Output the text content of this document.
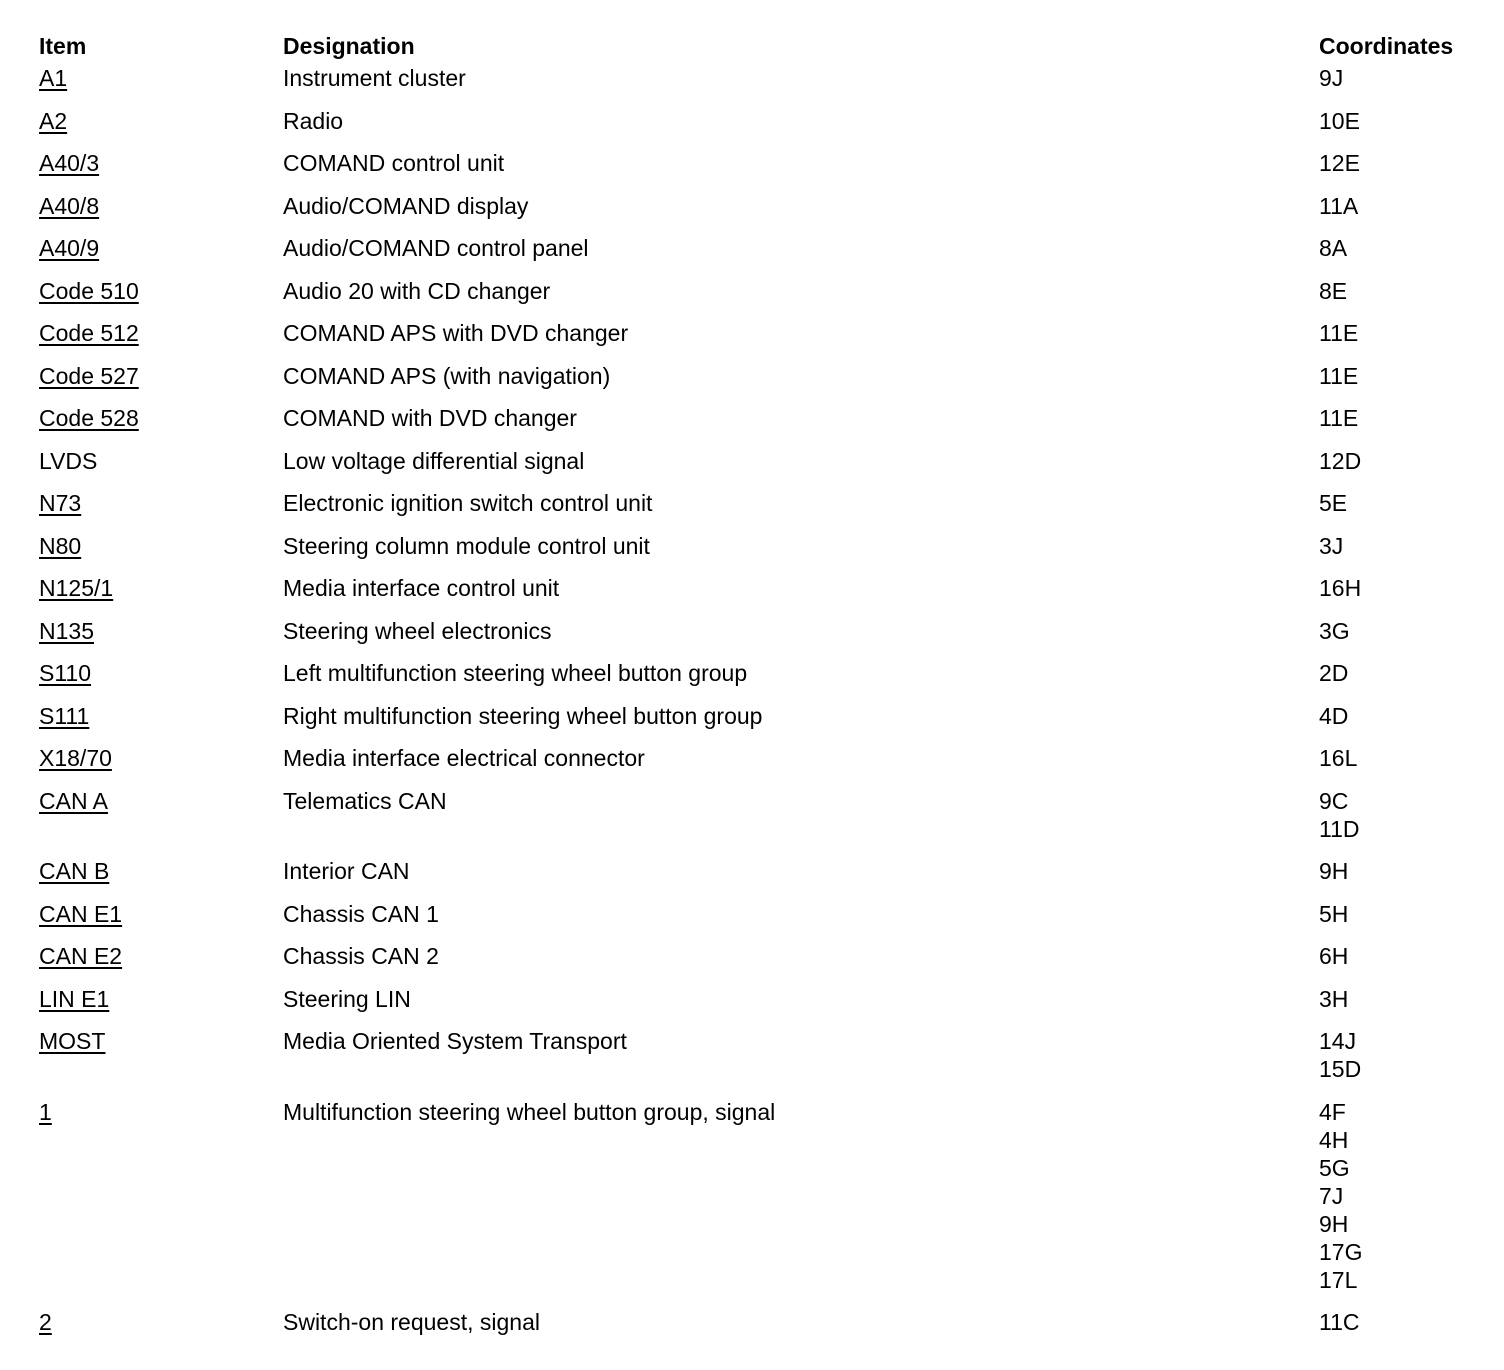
Item	Designation	Coordinates
A1	Instrument cluster	9J
A2	Radio	10E
A40/3	COMAND control unit	12E
A40/8	Audio/COMAND display	11A
A40/9	Audio/COMAND control panel	8A
Code 510	Audio 20 with CD changer	8E
Code 512	COMAND APS with DVD changer	11E
Code 527	COMAND APS (with navigation)	11E
Code 528	COMAND with DVD changer	11E
LVDS	Low voltage differential signal	12D
N73	Electronic ignition switch control unit	5E
N80	Steering column module control unit	3J
N125/1	Media interface control unit	16H
N135	Steering wheel electronics	3G
S110	Left multifunction steering wheel button group	2D
S111	Right multifunction steering wheel button group	4D
X18/70	Media interface electrical connector	16L
CAN A	Telematics CAN	9C
11D
CAN B	Interior CAN	9H
CAN E1	Chassis CAN 1	5H
CAN E2	Chassis CAN 2	6H
LIN E1	Steering LIN	3H
MOST	Media Oriented System Transport	14J
15D
1	Multifunction steering wheel button group, signal	4F
4H
5G
7J
9H
17G
17L
2	Switch-on request, signal	11C
